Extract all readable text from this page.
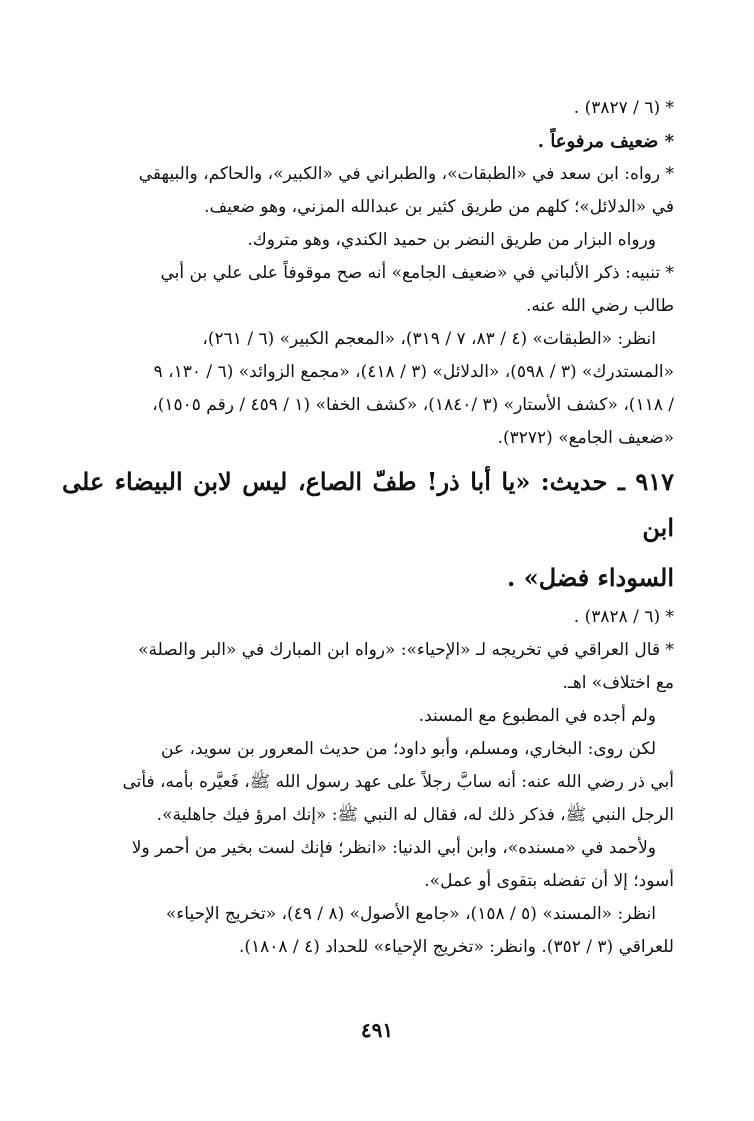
* (٦ / ٣٨٢٧) .

* ضعيف مرفوعاً .

* رواه: ابن سعد في «الطبقات»، والطبراني في «الكبير»، والحاكم، والبيهقي

في «الدلائل»؛ كلهم من طريق كثير بن عبدالله المزني، وهو ضعيف.

ورواه البزار من طريق النضر بن حميد الكندي، وهو متروك.

* تنبيه: ذكر الألباني في «ضعيف الجامع» أنه صح موقوفاً على علي بن أبي

طالب رضي الله عنه.

انظر: «الطبقات» (٤ / ٨٣، ٧ / ٣١٩)، «المعجم الكبير» (٦ / ٢٦١)،

«المستدرك» (٣ / ٥٩٨)، «الدلائل» (٣ / ٤١٨)، «مجمع الزوائد» (٦ / ١٣٠، ٩

/ ١١٨)، «كشف الأستار» (٣ /١٨٤٠)، «كشف الخفا» (١ / ٤٥٩ / رقم ١٥٠٥)،

«ضعيف الجامع» (٣٢٧٢).

٩١٧ ـ حديث: «يا أبا ذر! طفّ الصاع، ليس لابن البيضاء على ابن

السوداء فضل» .

* (٦ / ٣٨٢٨) .

* قال العراقي في تخريجه لـ «الإحياء»: «رواه ابن المبارك في «البر والصلة»

مع اختلاف» اهـ.

ولم أجده في المطبوع مع المسند.

لكن روى: البخاري، ومسلم، وأبو داود؛ من حديث المعرور بن سويد، عن

أبي ذر رضي الله عنه: أنه سابَّ رجلاً على عهد رسول الله ﷺ، فَعيَّره بأمه، فأتى

الرجل النبي ﷺ، فذكر ذلك له، فقال له النبي ﷺ: «إنك امرؤ فيك جاهلية».

ولأحمد في «مسنده»، وابن أبي الدنيا: «انظر؛ فإنك لست بخير من أحمر ولا

أسود؛ إلا أن تفضله بتقوى أو عمل».

انظر: «المسند» (٥ / ١٥٨)، «جامع الأصول» (٨ / ٤٩)، «تخريج الإحياء»

للعراقي (٣ / ٣٥٢). وانظر: «تخريج الإحياء» للحداد (٤ / ١٨٠٨).

٤٩١
